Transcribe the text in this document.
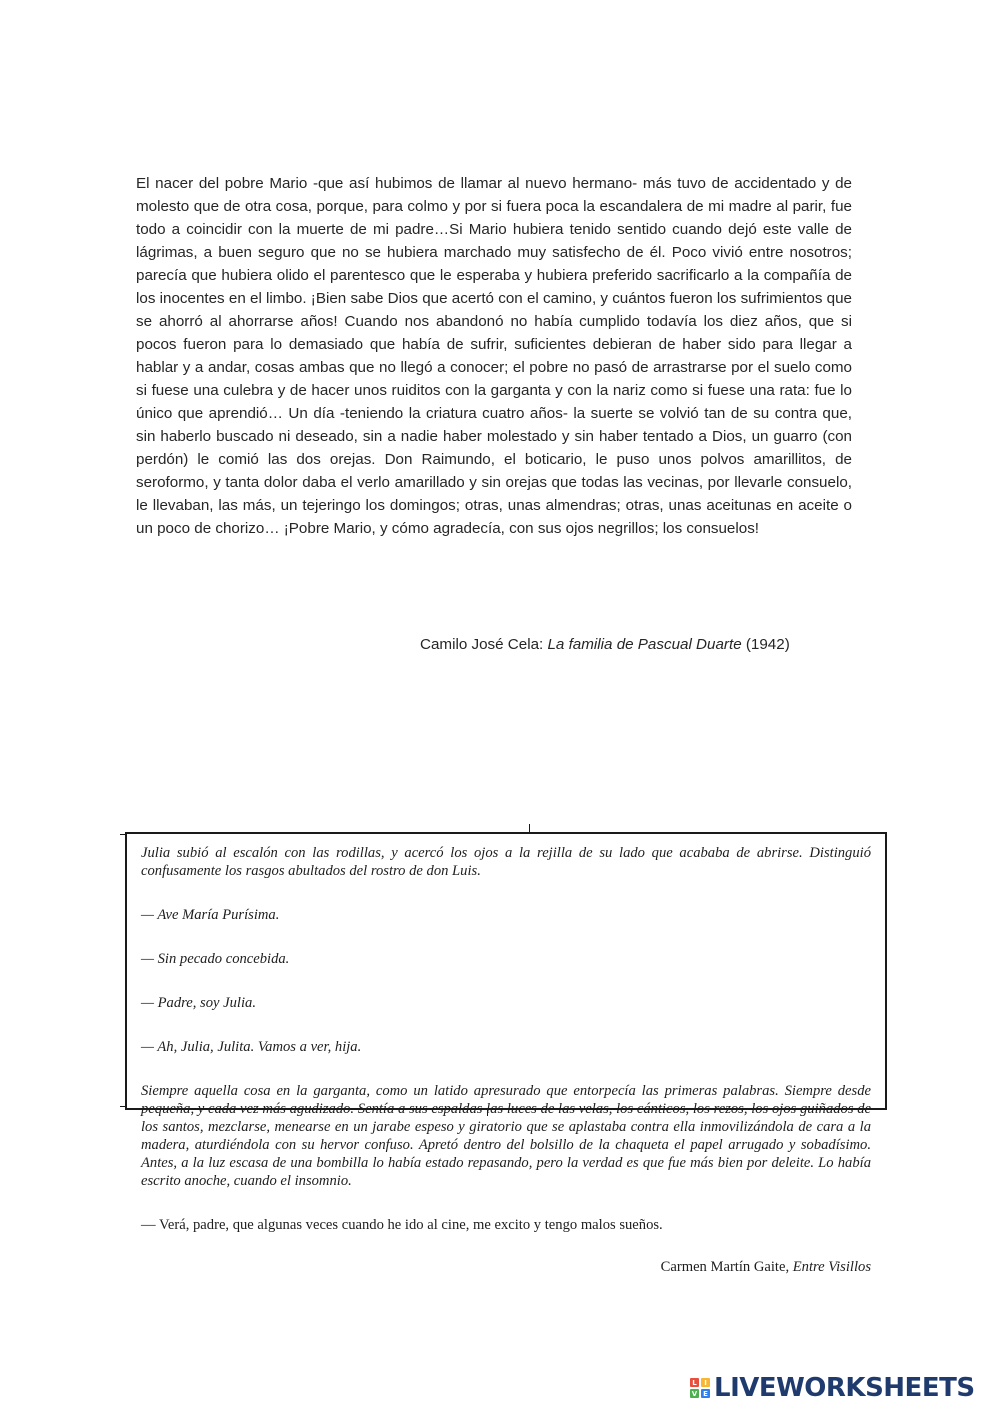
El nacer del pobre Mario -que así hubimos de llamar al nuevo hermano- más tuvo de accidentado y de molesto que de otra cosa, porque, para colmo y por si fuera poca la escandalera de mi madre al parir, fue todo a coincidir con la muerte de mi padre…Si Mario hubiera tenido sentido cuando dejó este valle de lágrimas, a buen seguro que no se hubiera marchado muy satisfecho de él. Poco vivió entre nosotros; parecía que hubiera olido el parentesco que le esperaba y hubiera preferido sacrificarlo a la compañía de los inocentes en el limbo. ¡Bien sabe Dios que acertó con el camino, y cuántos fueron los sufrimientos que se ahorró al ahorrarse años! Cuando nos abandonó no había cumplido todavía los diez años, que si pocos fueron para lo demasiado que había de sufrir, suficientes debieran de haber sido para llegar a hablar y a andar, cosas ambas que no llegó a conocer; el pobre no pasó de arrastrarse por el suelo como si fuese una culebra y de hacer unos ruiditos con la garganta y con la nariz como si fuese una rata: fue lo único que aprendió… Un día -teniendo la criatura cuatro años- la suerte se volvió tan de su contra que, sin haberlo buscado ni deseado, sin a nadie haber molestado y sin haber tentado a Dios, un guarro (con perdón) le comió las dos orejas. Don Raimundo, el boticario, le puso unos polvos amarillitos, de seroformo, y tanta dolor daba el verlo amarillado y sin orejas que todas las vecinas, por llevarle consuelo, le llevaban, las más, un tejeringo los domingos; otras, unas almendras; otras, unas aceitunas en aceite o un poco de chorizo… ¡Pobre Mario, y cómo agradecía, con sus ojos negrillos; los consuelos!

Camilo José Cela: La familia de Pascual Duarte (1942)

Julia subió al escalón con las rodillas, y acercó los ojos a la rejilla de su lado que acababa de abrirse. Distinguió confusamente los rasgos abultados del rostro de don Luis.

— Ave María Purísima.

— Sin pecado concebida.

— Padre, soy Julia.

— Ah, Julia, Julita. Vamos a ver, hija.

Siempre aquella cosa en la garganta, como un latido apresurado que entorpecía las primeras palabras. Siempre desde pequeña, y cada vez más agudizado. Sentía a sus espaldas las luces de las velas, los cánticos, los rezos, los ojos guiñados de los santos, mezclarse, menearse en un jarabe espeso y giratorio que se aplastaba contra ella inmovilizándola de cara a la madera, aturdiéndola con su hervor confuso. Apretó dentro del bolsillo de la chaqueta el papel arrugado y sobadísimo. Antes, a la luz escasa de una bombilla lo había estado repasando, pero la verdad es que fue más bien por deleite. Lo había escrito anoche, cuando el insomnio.

— Verá, padre, que algunas veces cuando he ido al cine, me excito y tengo malos sueños.

Carmen Martín Gaite, Entre Visillos

L	I
V E LIVEWORKSHEETS
